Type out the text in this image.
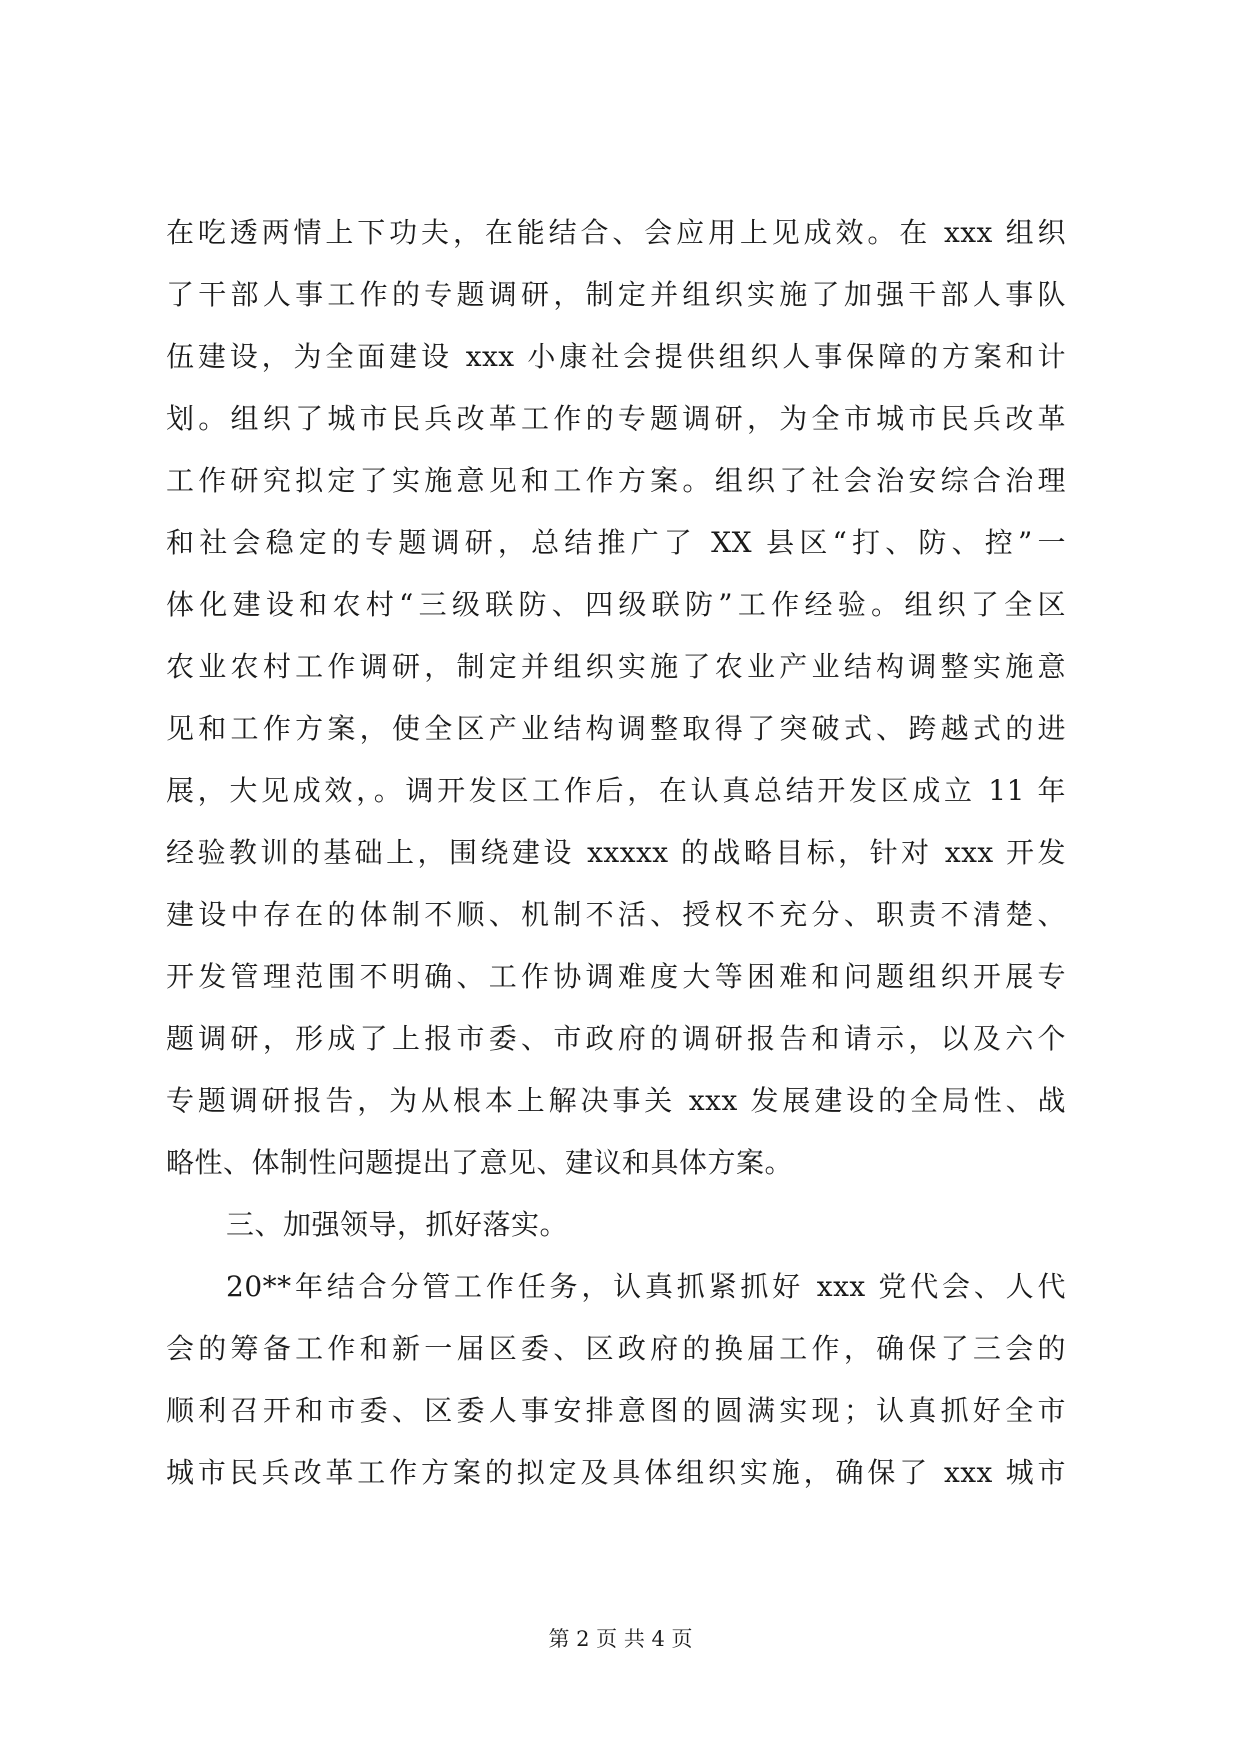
在吃透两情上下功夫，在能结合、会应用上见成效。在 xxx 组织
了干部人事工作的专题调研，制定并组织实施了加强干部人事队
伍建设，为全面建设 xxx 小康社会提供组织人事保障的方案和计
划。组织了城市民兵改革工作的专题调研，为全市城市民兵改革
工作研究拟定了实施意见和工作方案。组织了社会治安综合治理
和社会稳定的专题调研，总结推广了 XX 县区“打、防、控”一
体化建设和农村“三级联防、四级联防”工作经验。组织了全区
农业农村工作调研，制定并组织实施了农业产业结构调整实施意
见和工作方案，使全区产业结构调整取得了突破式、跨越式的进
展，大见成效，。调开发区工作后，在认真总结开发区成立 11 年
经验教训的基础上，围绕建设 xxxxx 的战略目标，针对 xxx 开发
建设中存在的体制不顺、机制不活、授权不充分、职责不清楚、
开发管理范围不明确、工作协调难度大等困难和问题组织开展专
题调研，形成了上报市委、市政府的调研报告和请示，以及六个
专题调研报告，为从根本上解决事关 xxx 发展建设的全局性、战
略性、体制性问题提出了意见、建议和具体方案。
三、加强领导，抓好落实。
20**年结合分管工作任务，认真抓紧抓好 xxx 党代会、人代
会的筹备工作和新一届区委、区政府的换届工作，确保了三会的
顺利召开和市委、区委人事安排意图的圆满实现；认真抓好全市
城市民兵改革工作方案的拟定及具体组织实施，确保了 xxx 城市
第 2 页 共 4 页
